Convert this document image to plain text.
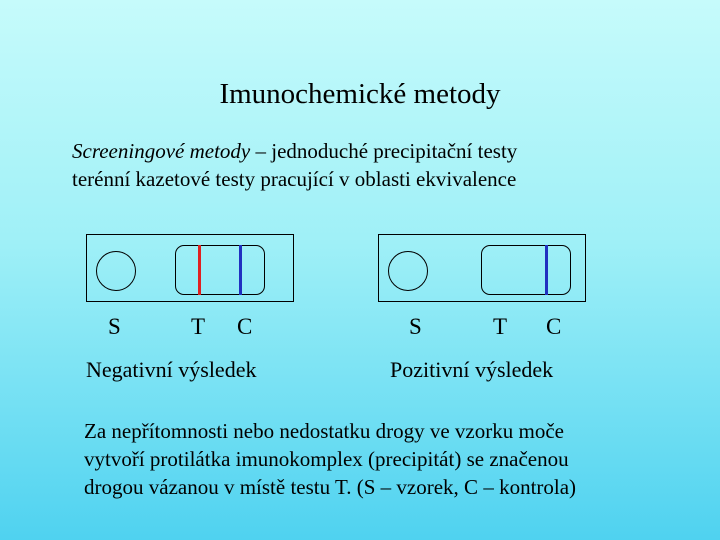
Imunochemické metody
Screeningové metody – jednoduché precipitační testy
terénní kazetové testy pracující v oblasti ekvivalence
S	T C
Negativní výsledek
S	T C
Pozitivní výsledek
Za nepřítomnosti nebo nedostatku drogy ve vzorku moče
vytvoří protilátka imunokomplex (precipitát) se značenou
drogou vázanou v místě testu T. (S – vzorek, C – kontrola)
